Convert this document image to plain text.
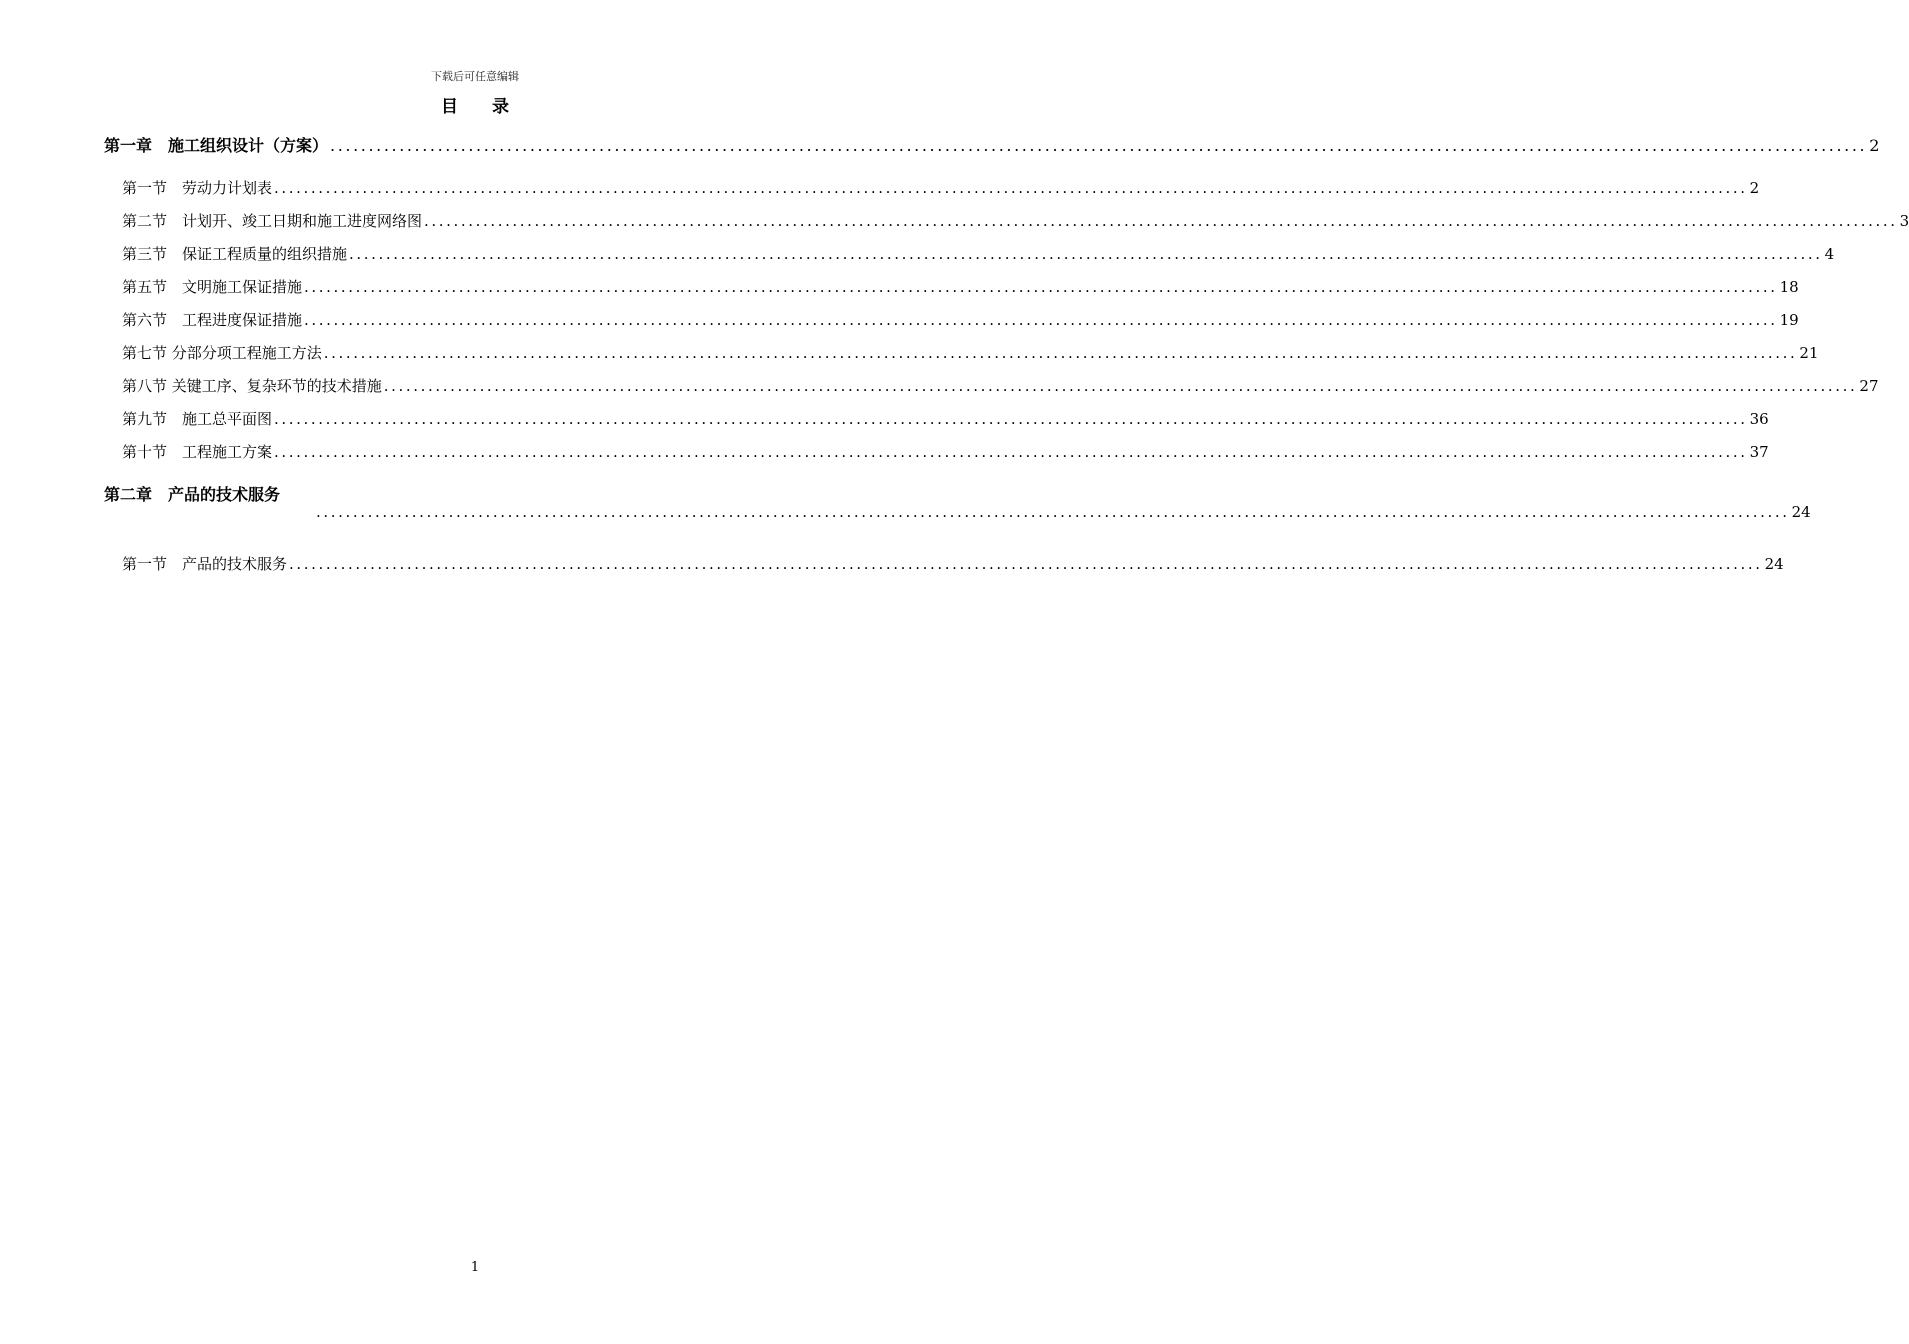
下载后可任意编辑
目 录
第一章　施工组织设计（方案） ........................................................................................................................................................................................................ 2
第一节　劳动力计划表 ........................................................................................................................................................................................................ 2
第二节　计划开、竣工日期和施工进度网络图 ........................................................................................................................................................................................................ 3
第三节　保证工程质量的组织措施 ........................................................................................................................................................................................................ 4
第五节　文明施工保证措施 ........................................................................................................................................................................................................ 18
第六节　工程进度保证措施 ........................................................................................................................................................................................................ 19
第七节 分部分项工程施工方法 ........................................................................................................................................................................................................ 21
第八节 关键工序、复杂环节的技术措施 ........................................................................................................................................................................................................ 27
第九节　施工总平面图 ........................................................................................................................................................................................................ 36
第十节　工程施工方案 ........................................................................................................................................................................................................ 37
第二章　产品的技术服务
........................................................................................................................................................................................................ 24
第一节　产品的技术服务 ........................................................................................................................................................................................................ 24
1
